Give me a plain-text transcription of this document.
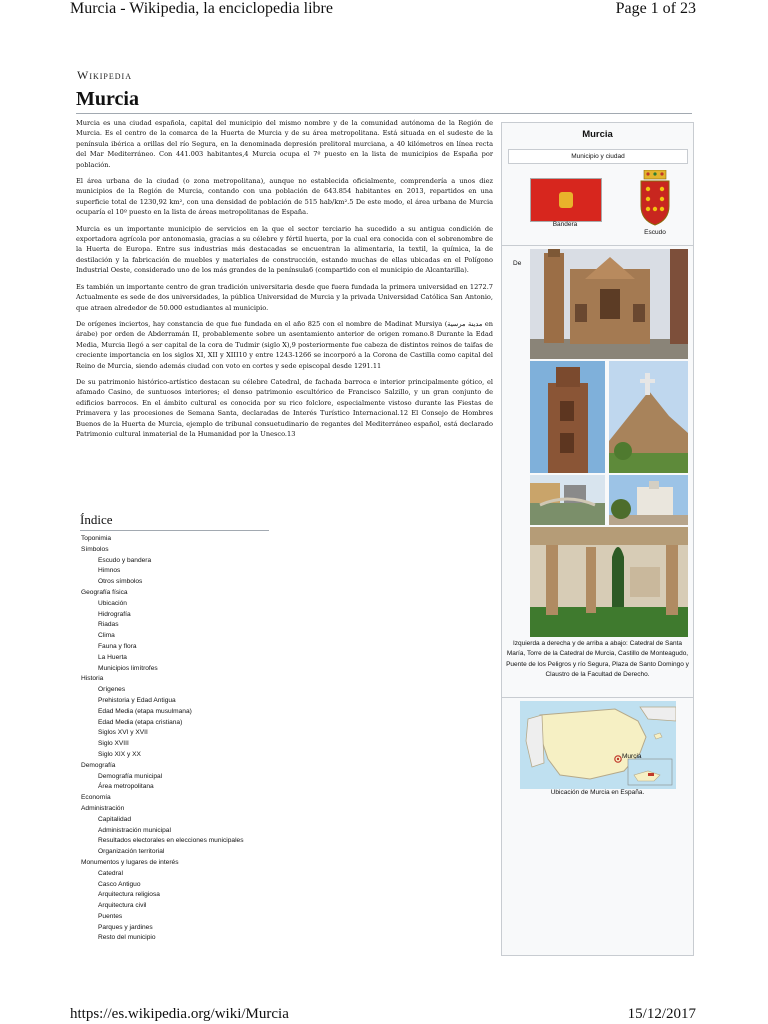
Murcia - Wikipedia, la enciclopedia libre	Page 1 of 23
Wikipedia
Murcia

Murcia es una ciudad española, capital del municipio del mismo nombre y de la comunidad autónoma de la Región de Murcia. Es el centro de la comarca de la Huerta de Murcia y de su área metropolitana. Está situada en el sudeste de la península ibérica a orillas del río Segura, en la denominada depresión prelitoral murciana, a 40 kilómetros en línea recta del Mar Mediterráneo. Con 441.003 habitantes,4 Murcia ocupa el 7º puesto en la lista de municipios de España por población.

El área urbana de la ciudad (o zona metropolitana), aunque no establecida oficialmente, comprendería a unos diez municipios de la Región de Murcia, contando con una población de 643.854 habitantes en 2013, repartidos en una superficie total de 1230,92 km², con una densidad de población de 515 hab/km².5 De este modo, el área urbana de Murcia ocuparía el 10º puesto en la lista de áreas metropolitanas de España.

Murcia es un importante municipio de servicios en la que el sector terciario ha sucedido a su antigua condición de exportadora agrícola por antonomasia, gracias a su célebre y fértil huerta, por la cual era conocida con el sobrenombre de la Huerta de Europa. Entre sus industrias más destacadas se encuentran la alimentaria, la textil, la química, la de destilación y la fabricación de muebles y materiales de construcción, estando muchas de ellas ubicadas en el Polígono Industrial Oeste, considerado uno de los más grandes de la península6 (compartido con el municipio de Alcantarilla).

Es también un importante centro de gran tradición universitaria desde que fuera fundada la primera universidad en 1272.7 Actualmente es sede de dos universidades, la pública Universidad de Murcia y la privada Universidad Católica San Antonio, que atraen alrededor de 50.000 estudiantes al municipio.

De orígenes inciertos, hay constancia de que fue fundada en el año 825 con el nombre de Madinat Mursiya (مدينة مرسية en árabe) por orden de Abderramán II, probablemente sobre un asentamiento anterior de origen romano.8 Durante la Edad Media, Murcia llegó a ser capital de la cora de Tudmir (siglo X),9 posteriormente fue cabeza de distintos reinos de taifas de creciente importancia en los siglos XI, XII y XIII10 y entre 1243-1266 se incorporó a la Corona de Castilla como capital del Reino de Murcia, siendo además ciudad con voto en cortes y sede episcopal desde 1291.11

De su patrimonio histórico-artístico destacan su célebre Catedral, de fachada barroca e interior principalmente gótico, el afamado Casino, de suntuosos interiores; el denso patrimonio escultórico de Francisco Salzillo, y un gran conjunto de edificios barrocos. En el ámbito cultural es conocida por su rico folclore, especialmente vistoso durante las Fiestas de Primavera y las procesiones de Semana Santa, declaradas de Interés Turístico Internacional.12 El Consejo de Hombres Buenos de la Huerta de Murcia, ejemplo de tribunal consuetudinario de regantes del Mediterráneo español, está declarado Patrimonio cultural inmaterial de la Humanidad por la Unesco.13

Índice
Toponimia
Símbolos
Escudo y bandera
Himnos
Otros símbolos
Geografía física
Ubicación
Hidrografía
Riadas
Clima
Fauna y flora
La Huerta
Municipios limítrofes
Historia
Orígenes
Prehistoria y Edad Antigua
Edad Media (etapa musulmana)
Edad Media (etapa cristiana)
Siglos XVI y XVII
Siglo XVIII
Siglo XIX y XX
Demografía
Demografía municipal
Área metropolitana
Economía
Administración
Capitalidad
Administración municipal
Resultados electorales en elecciones municipales
Organización territorial
Monumentos y lugares de interés
Catedral
Casco Antiguo
Arquitectura religiosa
Arquitectura civil
Puentes
Parques y jardines
Resto del municipio
Murcia
Municipio y ciudad
Bandera
Escudo
De
Izquierda a derecha y de arriba a abajo: Catedral de Santa María, Torre de la Catedral de Murcia, Castillo de Monteagudo, Puente de los Peligros y río Segura, Plaza de Santo Domingo y Claustro de la Facultad de Derecho.
Murcia
Ubicación de Murcia en España.
https://es.wikipedia.org/wiki/Murcia	15/12/2017
